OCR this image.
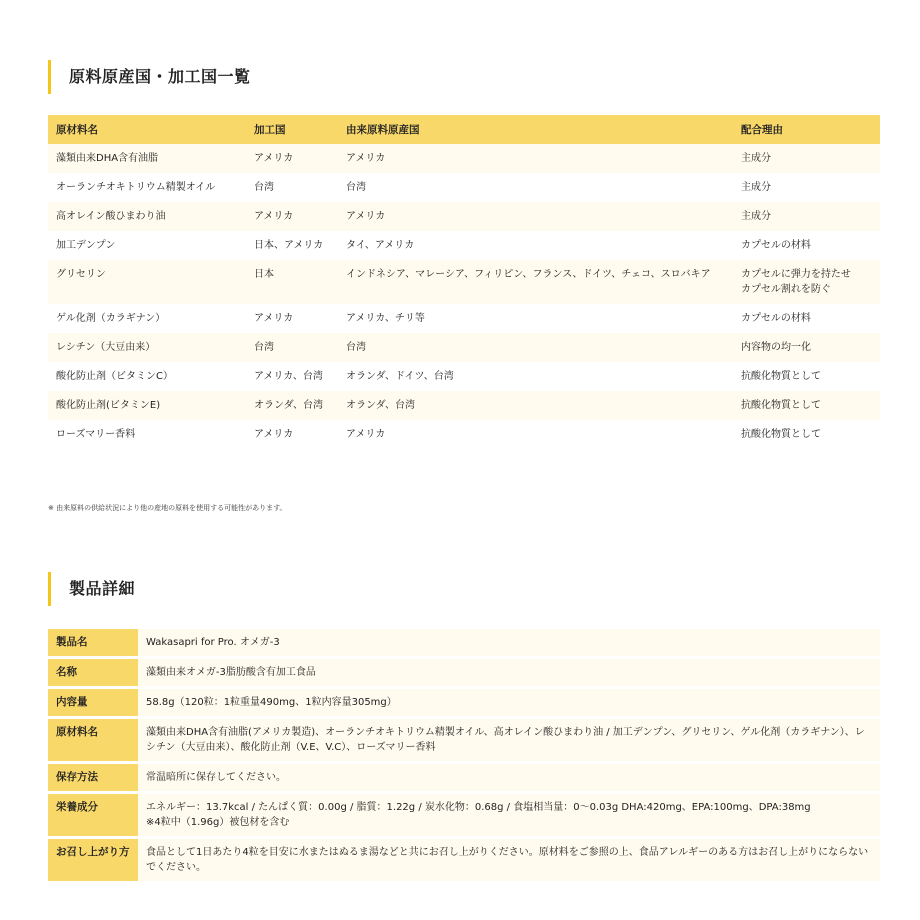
原料原産国・加工国一覧
原材料名	加工国	由来原料原産国	配合理由
藻類由来DHA含有油脂	アメリカ	アメリカ	主成分
オーランチオキトリウム精製オイル	台湾	台湾	主成分
高オレイン酸ひまわり油	アメリカ	アメリカ	主成分
加工デンプン	日本、アメリカ	タイ、アメリカ	カプセルの材料
グリセリン	日本	インドネシア、マレーシア、フィリピン、フランス、ドイツ、チェコ、スロバキア	カプセルに弾力を持たせ
カプセル割れを防ぐ
ゲル化剤（カラギナン）	アメリカ	アメリカ、チリ等	カプセルの材料
レシチン（大豆由来）	台湾	台湾	内容物の均一化
酸化防止剤（ビタミンC）	アメリカ、台湾	オランダ、ドイツ、台湾	抗酸化物質として
酸化防止剤(ビタミンE)	オランダ、台湾	オランダ、台湾	抗酸化物質として
ローズマリー香料	アメリカ	アメリカ	抗酸化物質として
※ 由来原料の供給状況により他の産地の原料を使用する可能性があります。
製品詳細
製品名	Wakasapri for Pro. オメガ-3
名称	藻類由来オメガ-3脂肪酸含有加工食品
内容量	58.8g（120粒：1粒重量490mg、1粒内容量305mg）
原材料名	藻類由来DHA含有油脂(アメリカ製造)、オーランチオキトリウム精製オイル、高オレイン酸ひまわり油 / 加工デンプン、グリセリン、ゲル化剤（カラギナン）、レシチン（大豆由来）、酸化防止剤（V.E、V.C）、ローズマリー香料
保存方法	常温暗所に保存してください。
栄養成分	エネルギー：13.7kcal / たんぱく質：0.00g / 脂質：1.22g / 炭水化物：0.68g / 食塩相当量：0～0.03g DHA:420mg、EPA:100mg、DPA:38mg
※4粒中（1.96g）被包材を含む
お召し上がり方	食品として1日あたり4粒を目安に水またはぬるま湯などと共にお召し上がりください。原材料をご参照の上、食品アレルギーのある方はお召し上がりにならないでください。
